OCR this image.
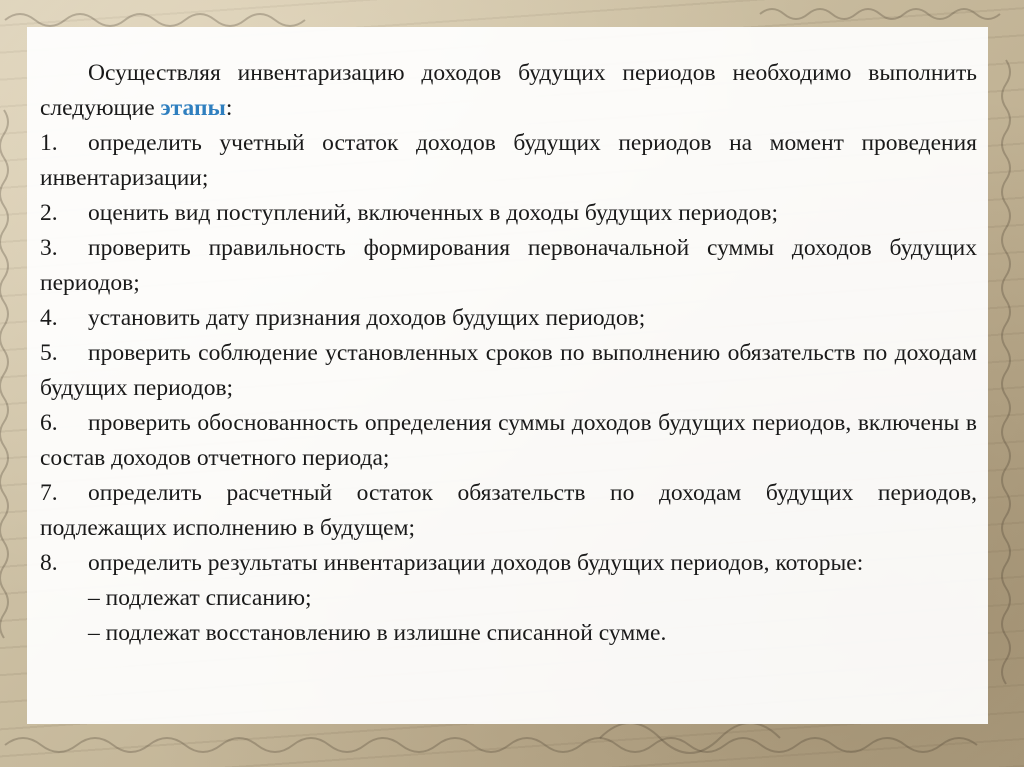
Осуществляя инвентаризацию доходов будущих периодов необходимо выполнить следующие этапы:

1. определить учетный остаток доходов будущих периодов на момент проведения инвентаризации;

2. оценить вид поступлений, включенных в доходы будущих периодов;

3. проверить правильность формирования первоначальной суммы доходов будущих периодов;

4. установить дату признания доходов будущих периодов;

5. проверить соблюдение установленных сроков по выполнению обязательств по доходам будущих периодов;

6. проверить обоснованность определения суммы доходов будущих периодов, включены в состав доходов отчетного периода;

7. определить расчетный остаток обязательств по доходам будущих периодов, подлежащих исполнению в будущем;

8. определить результаты инвентаризации доходов будущих периодов, которые:

– подлежат списанию;

– подлежат восстановлению в излишне списанной сумме.
